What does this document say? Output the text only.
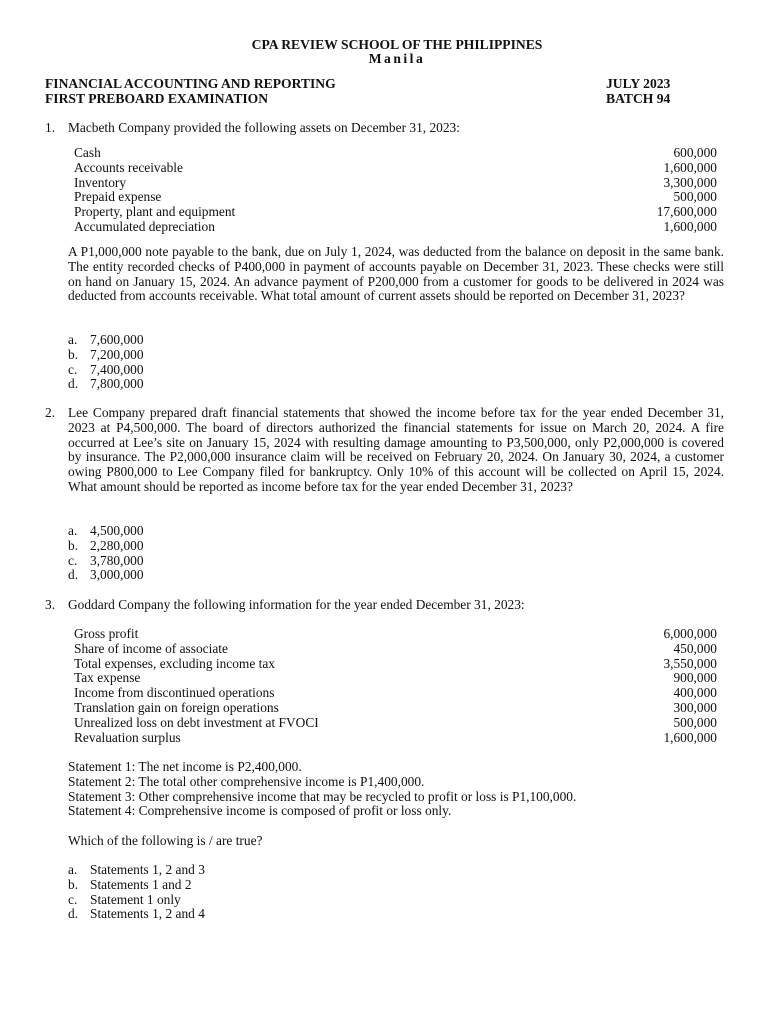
CPA REVIEW SCHOOL OF THE PHILIPPINES
Manila
FINANCIAL ACCOUNTING AND REPORTING
FIRST PREBOARD EXAMINATION
JULY 2023
BATCH 94
1. Macbeth Company provided the following assets on December 31, 2023:
Cash	600,000
Accounts receivable	1,600,000
Inventory	3,300,000
Prepaid expense	500,000
Property, plant and equipment	17,600,000
Accumulated depreciation	1,600,000
A P1,000,000 note payable to the bank, due on July 1, 2024, was deducted from the balance on deposit in the same bank. The entity recorded checks of P400,000 in payment of accounts payable on December 31, 2023. These checks were still on hand on January 15, 2024. An advance payment of P200,000 from a customer for goods to be delivered in 2024 was deducted from accounts receivable. What total amount of current assets should be reported on December 31, 2023?
a. 7,600,000
b. 7,200,000
c. 7,400,000
d. 7,800,000
2. Lee Company prepared draft financial statements that showed the income before tax for the year ended December 31, 2023 at P4,500,000. The board of directors authorized the financial statements for issue on March 20, 2024. A fire occurred at Lee’s site on January 15, 2024 with resulting damage amounting to P3,500,000, only P2,000,000 is covered by insurance. The P2,000,000 insurance claim will be received on February 20, 2024. On January 30, 2024, a customer owing P800,000 to Lee Company filed for bankruptcy. Only 10% of this account will be collected on April 15, 2024. What amount should be reported as income before tax for the year ended December 31, 2023?
a. 4,500,000
b. 2,280,000
c. 3,780,000
d. 3,000,000
3. Goddard Company the following information for the year ended December 31, 2023:
Gross profit	6,000,000
Share of income of associate	450,000
Total expenses, excluding income tax	3,550,000
Tax expense	900,000
Income from discontinued operations	400,000
Translation gain on foreign operations	300,000
Unrealized loss on debt investment at FVOCI	500,000
Revaluation surplus	1,600,000
Statement 1: The net income is P2,400,000.
Statement 2: The total other comprehensive income is P1,400,000.
Statement 3: Other comprehensive income that may be recycled to profit or loss is P1,100,000.
Statement 4: Comprehensive income is composed of profit or loss only.
Which of the following is / are true?
a. Statements 1, 2 and 3
b. Statements 1 and 2
c. Statement 1 only
d. Statements 1, 2 and 4
